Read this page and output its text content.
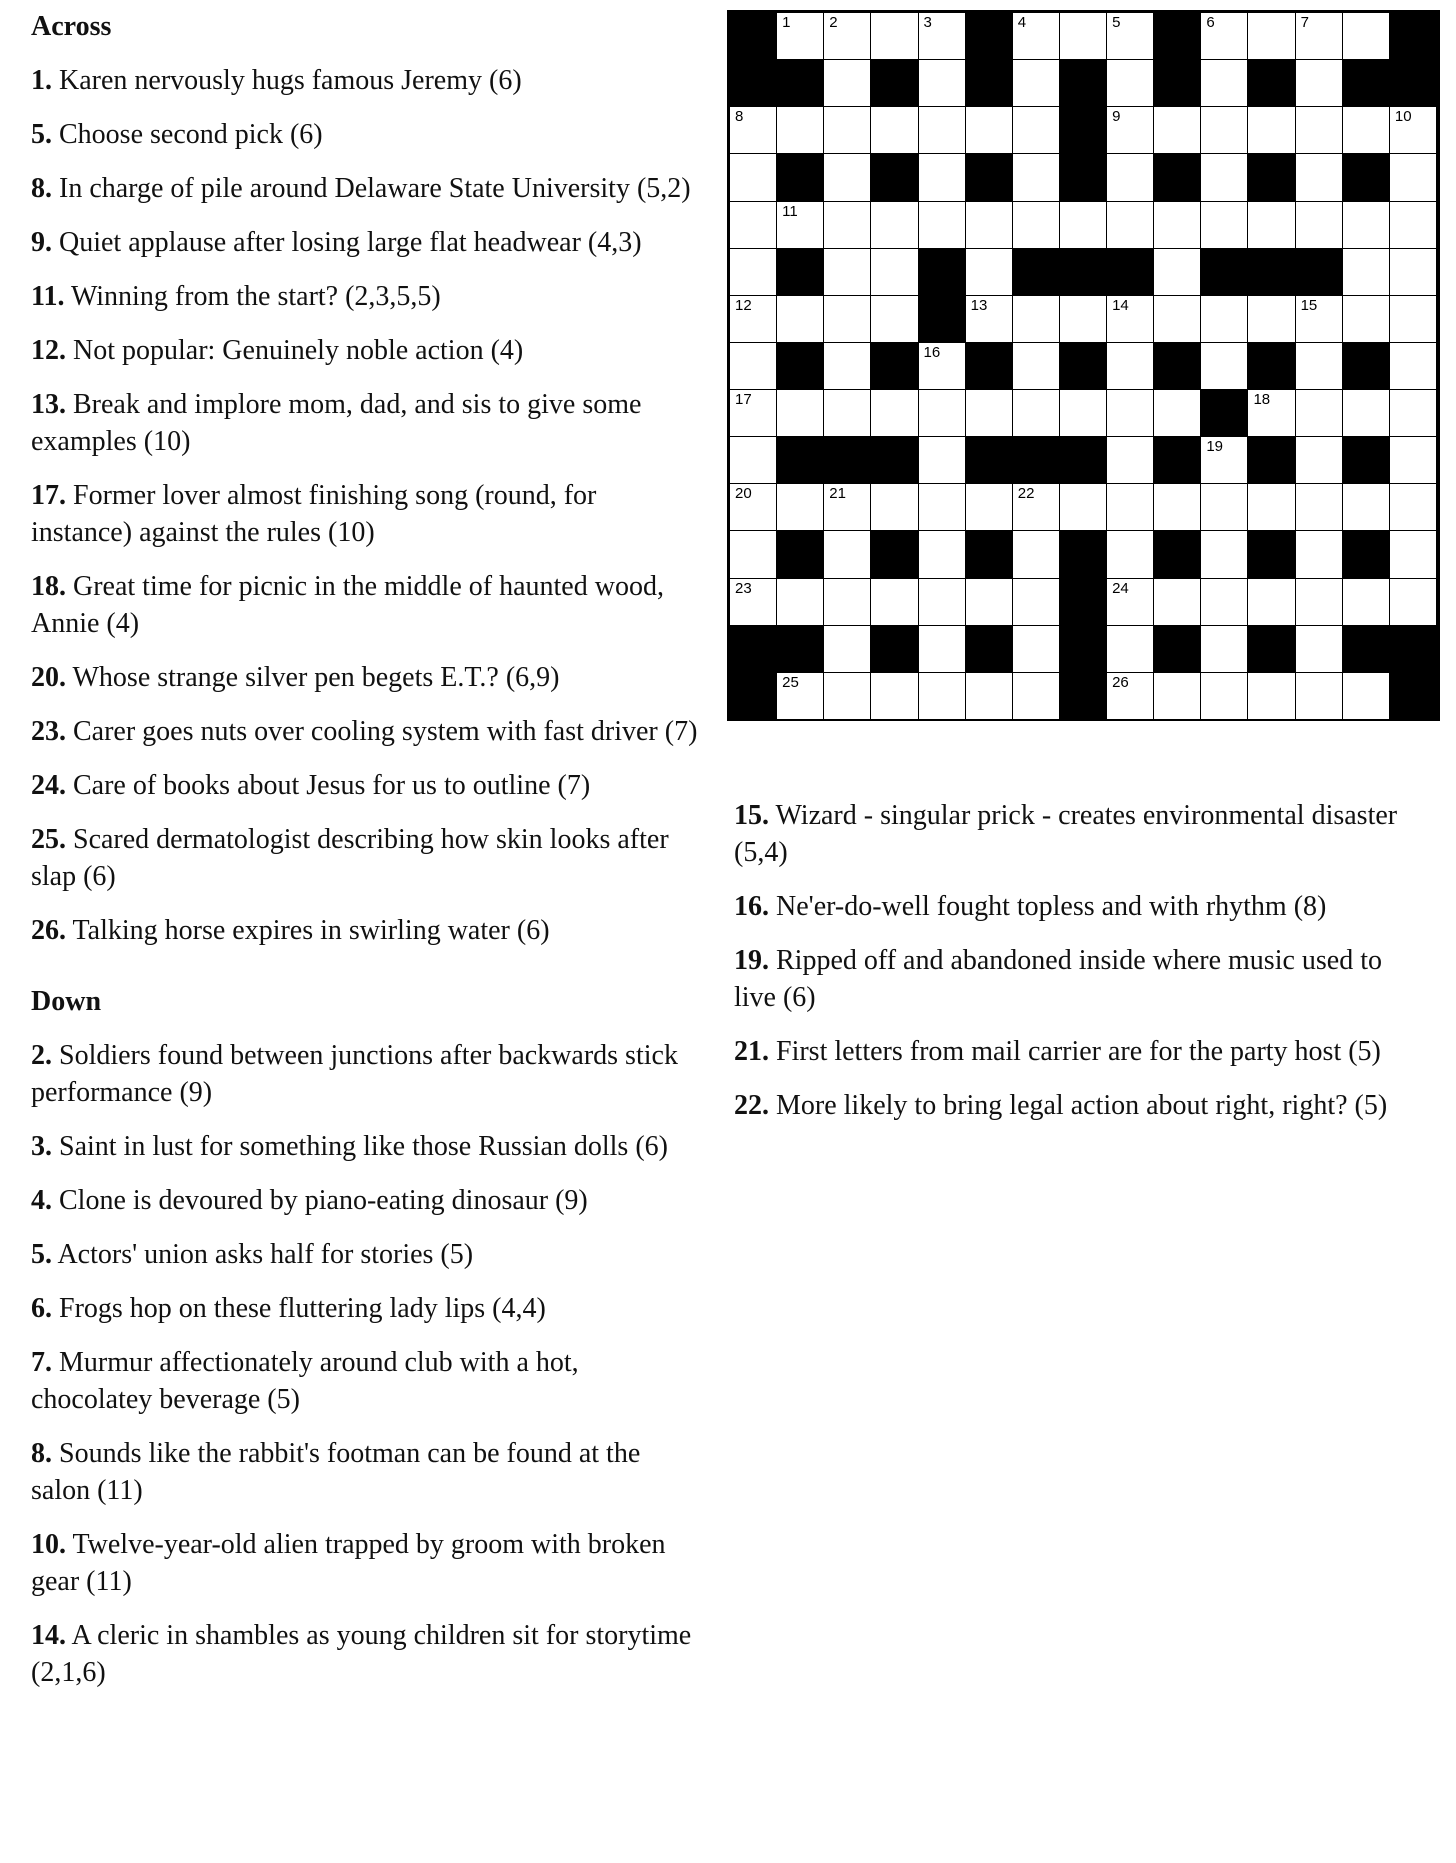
Across
1. Karen nervously hugs famous Jeremy (6)
5. Choose second pick (6)
8. In charge of pile around Delaware State University (5,2)
9. Quiet applause after losing large flat headwear (4,3)
11. Winning from the start? (2,3,5,5)
12. Not popular: Genuinely noble action (4)
13. Break and implore mom, dad, and sis to give some examples (10)
17. Former lover almost finishing song (round, for instance) against the rules (10)
18. Great time for picnic in the middle of haunted wood, Annie (4)
20. Whose strange silver pen begets E.T.? (6,9)
23. Carer goes nuts over cooling system with fast driver (7)
24. Care of books about Jesus for us to outline (7)
25. Scared dermatologist describing how skin looks after slap (6)
26. Talking horse expires in swirling water (6)
Down
2. Soldiers found between junctions after backwards stick performance (9)
3. Saint in lust for something like those Russian dolls (6)
4. Clone is devoured by piano-eating dinosaur (9)
5. Actors' union asks half for stories (5)
6. Frogs hop on these fluttering lady lips (4,4)
7. Murmur affectionately around club with a hot, chocolatey beverage (5)
8. Sounds like the rabbit's footman can be found at the salon (11)
10. Twelve-year-old alien trapped by groom with broken gear (11)
14. A cleric in shambles as young children sit for storytime (2,1,6)
1	2	3	4	5	6	7
8	9	10
11
12	13	14	15
16
17	18
19
20	21	22
23	24
25	26
15. Wizard - singular prick - creates environmental disaster (5,4)
16. Ne'er-do-well fought topless and with rhythm (8)
19. Ripped off and abandoned inside where music used to live (6)
21. First letters from mail carrier are for the party host (5)
22. More likely to bring legal action about right, right? (5)
